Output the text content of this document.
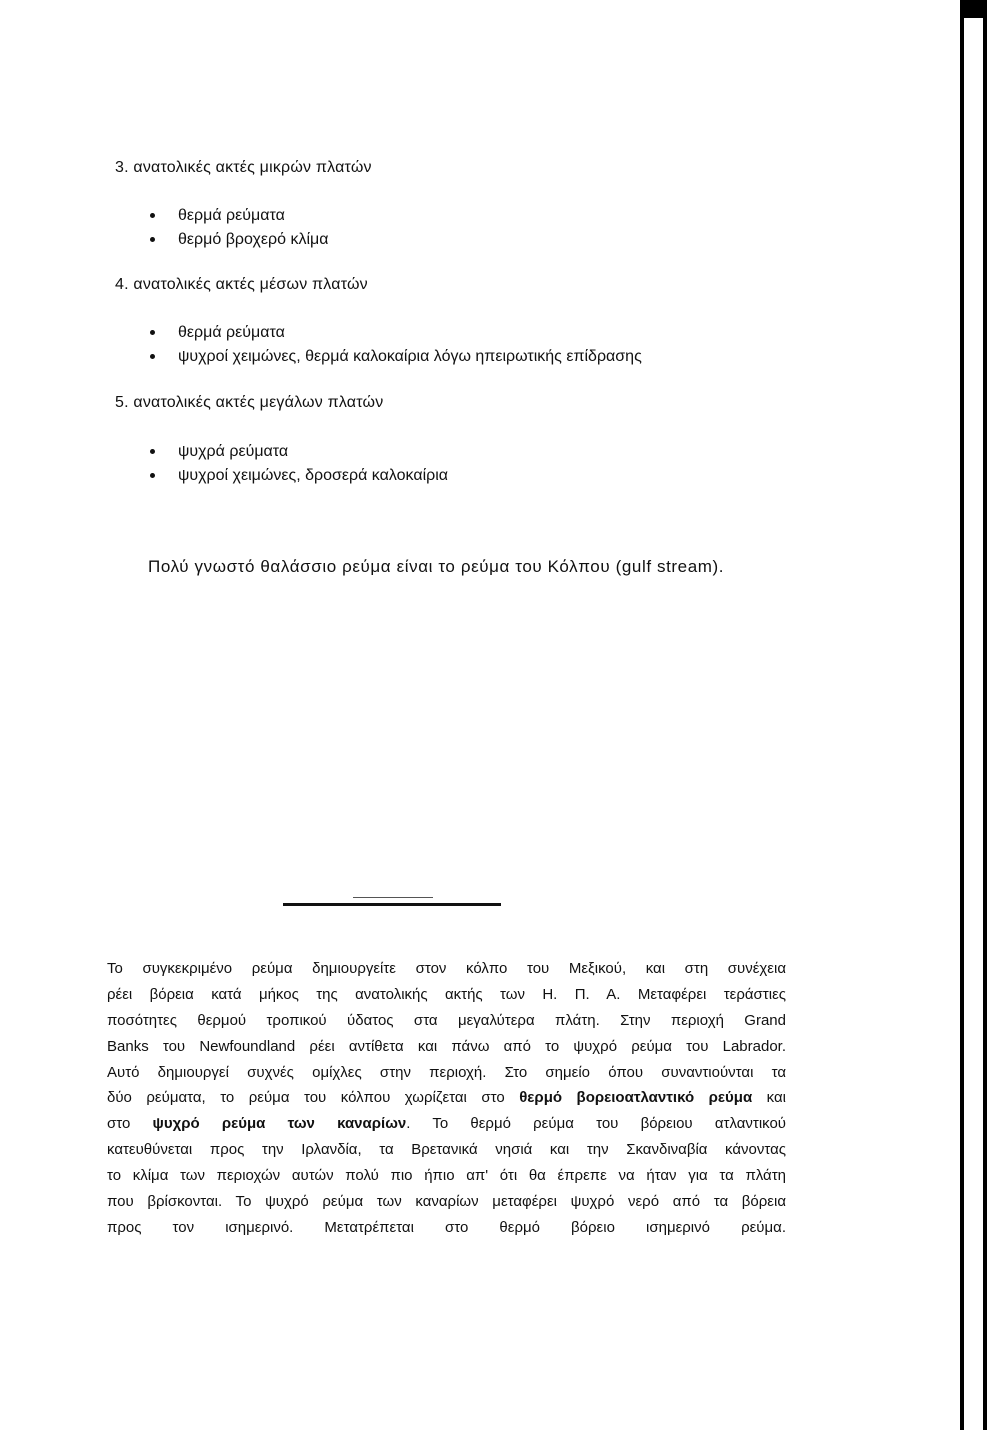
3. ανατολικές ακτές μικρών πλατών
θερμά ρεύματα
θερμό βροχερό κλίμα
4. ανατολικές ακτές μέσων πλατών
θερμά ρεύματα
ψυχροί χειμώνες, θερμά καλοκαίρια λόγω ηπειρωτικής επίδρασης
5. ανατολικές ακτές μεγάλων πλατών
ψυχρά ρεύματα
ψυχροί χειμώνες, δροσερά καλοκαίρια
Πολύ γνωστό θαλάσσιο ρεύμα είναι το ρεύμα του Κόλπου (gulf stream).
Το συγκεκριμένο ρεύμα δημιουργείτε στον κόλπο του Μεξικού, και στη συνέχεια
ρέει βόρεια κατά μήκος της ανατολικής ακτής των Η. Π. Α. Μεταφέρει τεράστιες
ποσότητες θερμού τροπικού ύδατος στα μεγαλύτερα πλάτη. Στην περιοχή Grand
Banks του Newfoundland ρέει αντίθετα και πάνω από το ψυχρό ρεύμα του Labrador.
Αυτό δημιουργεί συχνές ομίχλες στην περιοχή. Στο σημείο όπου συναντιούνται τα
δύο ρεύματα, το ρεύμα του κόλπου χωρίζεται στο θερμό βορειοατλαντικό ρεύμα και
στο ψυχρό ρεύμα των καναρίων. Το θερμό ρεύμα του βόρειου ατλαντικού
κατευθύνεται προς την Ιρλανδία, τα Βρετανικά νησιά και την Σκανδιναβία κάνοντας
το κλίμα των περιοχών αυτών πολύ πιο ήπιο απ' ότι θα έπρεπε να ήταν για τα πλάτη
που βρίσκονται. Το ψυχρό ρεύμα των καναρίων μεταφέρει ψυχρό νερό από τα βόρεια
προς τον ισημερινό. Μετατρέπεται στο θερμό βόρειο ισημερινό ρεύμα.
